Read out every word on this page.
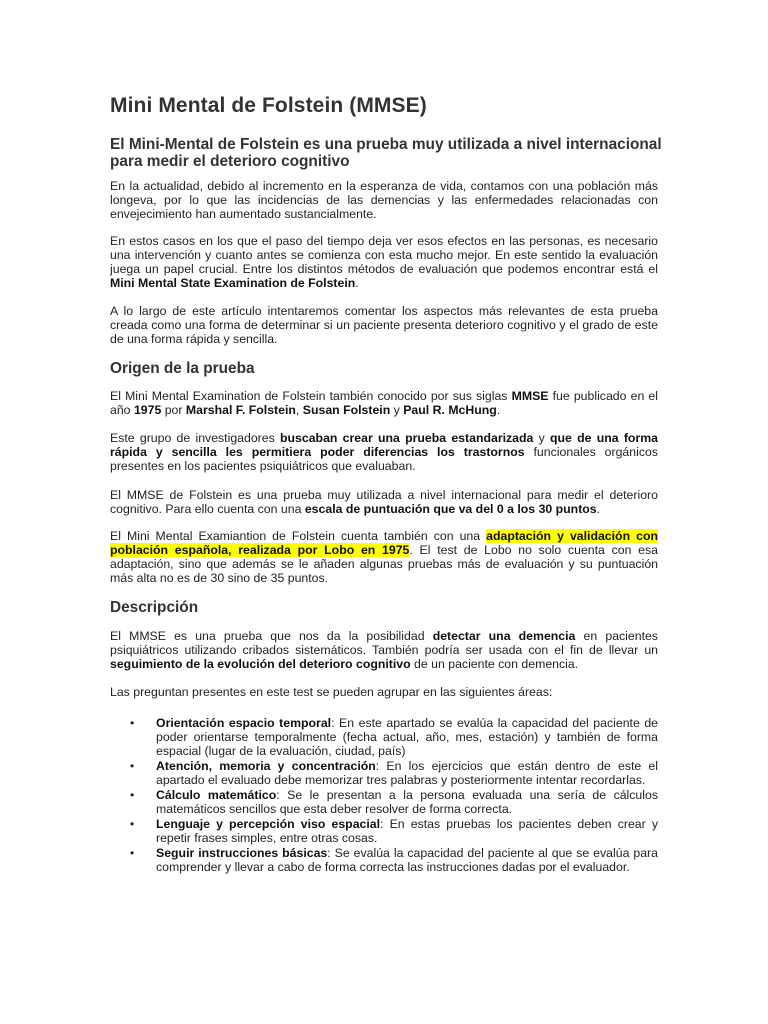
Mini Mental de Folstein (MMSE)
El Mini-Mental de Folstein es una prueba muy utilizada a nivel internacional para medir el deterioro cognitivo

En la actualidad, debido al incremento en la esperanza de vida, contamos con una población más longeva, por lo que las incidencias de las demencias y las enfermedades relacionadas con envejecimiento han aumentado sustancialmente.

En estos casos en los que el paso del tiempo deja ver esos efectos en las personas, es necesario una intervención y cuanto antes se comienza con esta mucho mejor. En este sentido la evaluación juega un papel crucial. Entre los distintos métodos de evaluación que podemos encontrar está el Mini Mental State Examination de Folstein.

A lo largo de este artículo intentaremos comentar los aspectos más relevantes de esta prueba creada como una forma de determinar si un paciente presenta deterioro cognitivo y el grado de este de una forma rápida y sencilla.

Origen de la prueba

El Mini Mental Examination de Folstein también conocido por sus siglas MMSE fue publicado en el año 1975 por Marshal F. Folstein, Susan Folstein y Paul R. McHung.

Este grupo de investigadores buscaban crear una prueba estandarizada y que de una forma rápida y sencilla les permitiera poder diferencias los trastornos funcionales orgánicos presentes en los pacientes psiquiátricos que evaluaban.

El MMSE de Folstein es una prueba muy utilizada a nivel internacional para medir el deterioro cognitivo. Para ello cuenta con una escala de puntuación que va del 0 a los 30 puntos.

El Mini Mental Examiantion de Folstein cuenta también con una adaptación y validación con población española, realizada por Lobo en 1975. El test de Lobo no solo cuenta con esa adaptación, sino que además se le añaden algunas pruebas más de evaluación y su puntuación más alta no es de 30 sino de 35 puntos.

Descripción

El MMSE es una prueba que nos da la posibilidad detectar una demencia en pacientes psiquiátricos utilizando cribados sistemáticos. También podría ser usada con el fin de llevar un seguimiento de la evolución del deterioro cognitivo de un paciente con demencia.

Las preguntan presentes en este test se pueden agrupar en las siguientes áreas:

• Orientación espacio temporal: En este apartado se evalúa la capacidad del paciente de poder orientarse temporalmente (fecha actual, año, mes, estación) y también de forma espacial (lugar de la evaluación, ciudad, país)
• Atención, memoria y concentración: En los ejercicios que están dentro de este el apartado el evaluado debe memorizar tres palabras y posteriormente intentar recordarlas.
• Cálculo matemático: Se le presentan a la persona evaluada una sería de cálculos matemáticos sencillos que esta deber resolver de forma correcta.
• Lenguaje y percepción viso espacial: En estas pruebas los pacientes deben crear y repetir frases simples, entre otras cosas.
• Seguir instrucciones básicas: Se evalúa la capacidad del paciente al que se evalúa para comprender y llevar a cabo de forma correcta las instrucciones dadas por el evaluador.
